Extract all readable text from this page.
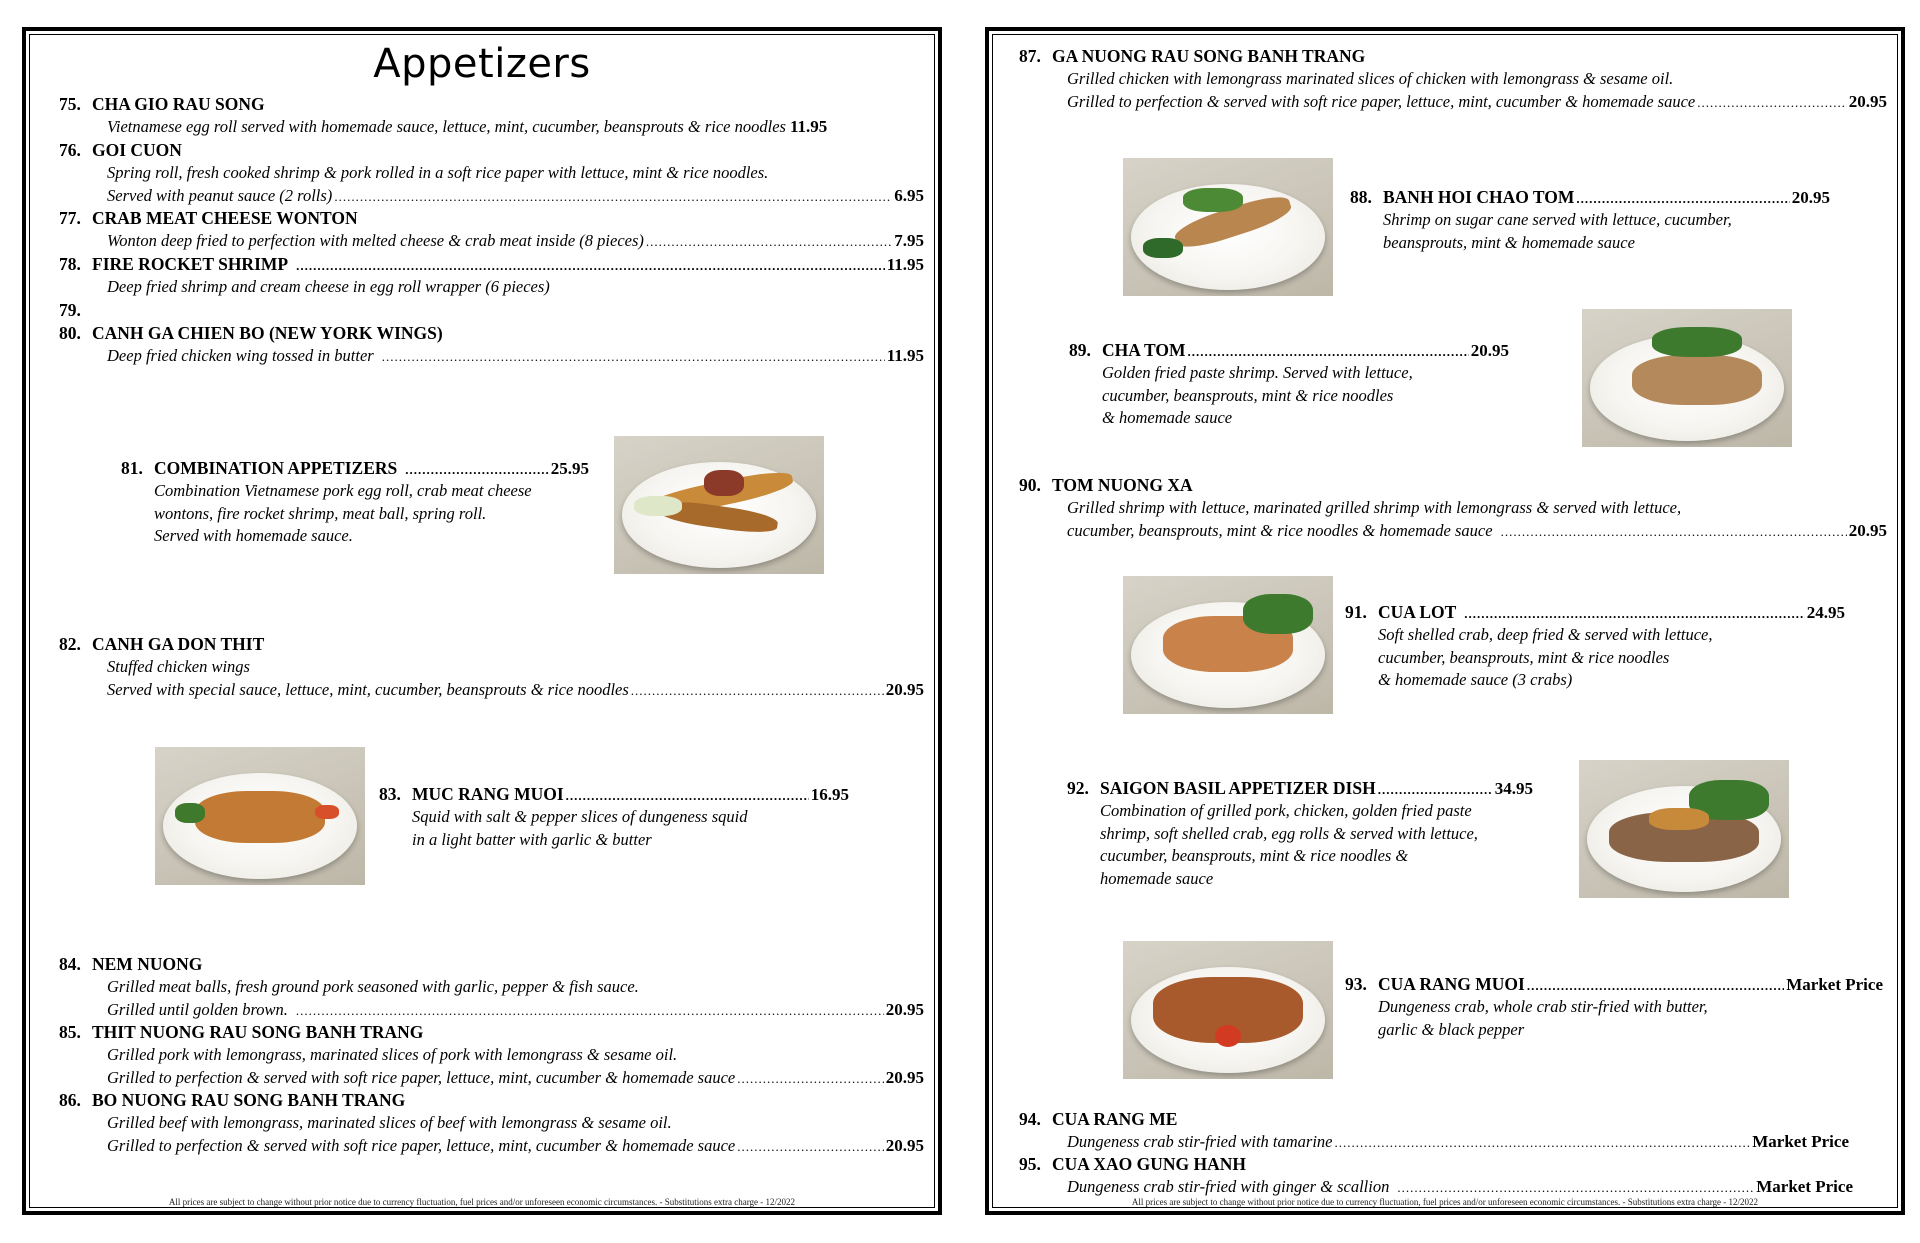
Appetizers
75. CHA GIO RAU SONG
Vietnamese egg roll served with homemade sauce, lettuce, mint, cucumber, beansprouts & rice noodles 11.95
76. GOI CUON
Spring roll, fresh cooked shrimp & pork rolled in a soft rice paper with lettuce, mint & rice noodles.
Served with peanut sauce (2 rolls) .....	6.95
77. CRAB MEAT CHEESE WONTON
Wonton deep fried to perfection with melted cheese & crab meat inside (8 pieces) .....	7.95
78. FIRE ROCKET SHRIMP .....	11.95
Deep fried shrimp and cream cheese in egg roll wrapper (6 pieces)
79.
80. CANH GA CHIEN BO (NEW YORK WINGS)
Deep fried chicken wing tossed in butter .....	11.95
81. COMBINATION APPETIZERS .....	25.95
Combination Vietnamese pork egg roll, crab meat cheese
wontons, fire rocket shrimp, meat ball, spring roll.
Served with homemade sauce.
82. CANH GA DON THIT
Stuffed chicken wings
Served with special sauce, lettuce, mint, cucumber, beansprouts & rice noodles .....	20.95
83. MUC RANG MUOI .....	16.95
Squid with salt & pepper slices of dungeness squid
in a light batter with garlic & butter
84. NEM NUONG
Grilled meat balls, fresh ground pork seasoned with garlic, pepper & fish sauce.
Grilled until golden brown. .....	20.95
85. THIT NUONG RAU SONG BANH TRANG
Grilled pork with lemongrass, marinated slices of pork with lemongrass & sesame oil.
Grilled to perfection & served with soft rice paper, lettuce, mint, cucumber & homemade sauce .....	20.95
86. BO NUONG RAU SONG BANH TRANG
Grilled beef with lemongrass, marinated slices of beef with lemongrass & sesame oil.
Grilled to perfection & served with soft rice paper, lettuce, mint, cucumber & homemade sauce .....	20.95
All prices are subject to change without prior notice due to currency fluctuation, fuel prices and/or unforeseen economic circumstances. - Substitutions extra charge - 12/2022
87. GA NUONG RAU SONG BANH TRANG
Grilled chicken with lemongrass marinated slices of chicken with lemongrass & sesame oil.
Grilled to perfection & served with soft rice paper, lettuce, mint, cucumber & homemade sauce .....	20.95
88. BANH HOI CHAO TOM .....	20.95
Shrimp on sugar cane served with lettuce, cucumber,
beansprouts, mint & homemade sauce
89. CHA TOM .....	20.95
Golden fried paste shrimp. Served with lettuce,
cucumber, beansprouts, mint & rice noodles
& homemade sauce
90. TOM NUONG XA
Grilled shrimp with lettuce, marinated grilled shrimp with lemongrass & served with lettuce,
cucumber, beansprouts, mint & rice noodles & homemade sauce .....	20.95
91. CUA LOT .....	24.95
Soft shelled crab, deep fried & served with lettuce,
cucumber, beansprouts, mint & rice noodles
& homemade sauce (3 crabs)
92. SAIGON BASIL APPETIZER DISH .....	34.95
Combination of grilled pork, chicken, golden fried paste
shrimp, soft shelled crab, egg rolls & served with lettuce,
cucumber, beansprouts, mint & rice noodles &
homemade sauce
93. CUA RANG MUOI .....	Market Price
Dungeness crab, whole crab stir-fried with butter,
garlic & black pepper
94. CUA RANG ME
Dungeness crab stir-fried with tamarine .....	Market Price
95. CUA XAO GUNG HANH
Dungeness crab stir-fried with ginger & scallion .....	Market Price
All prices are subject to change without prior notice due to currency fluctuation, fuel prices and/or unforeseen economic circumstances. - Substitutions extra charge - 12/2022
